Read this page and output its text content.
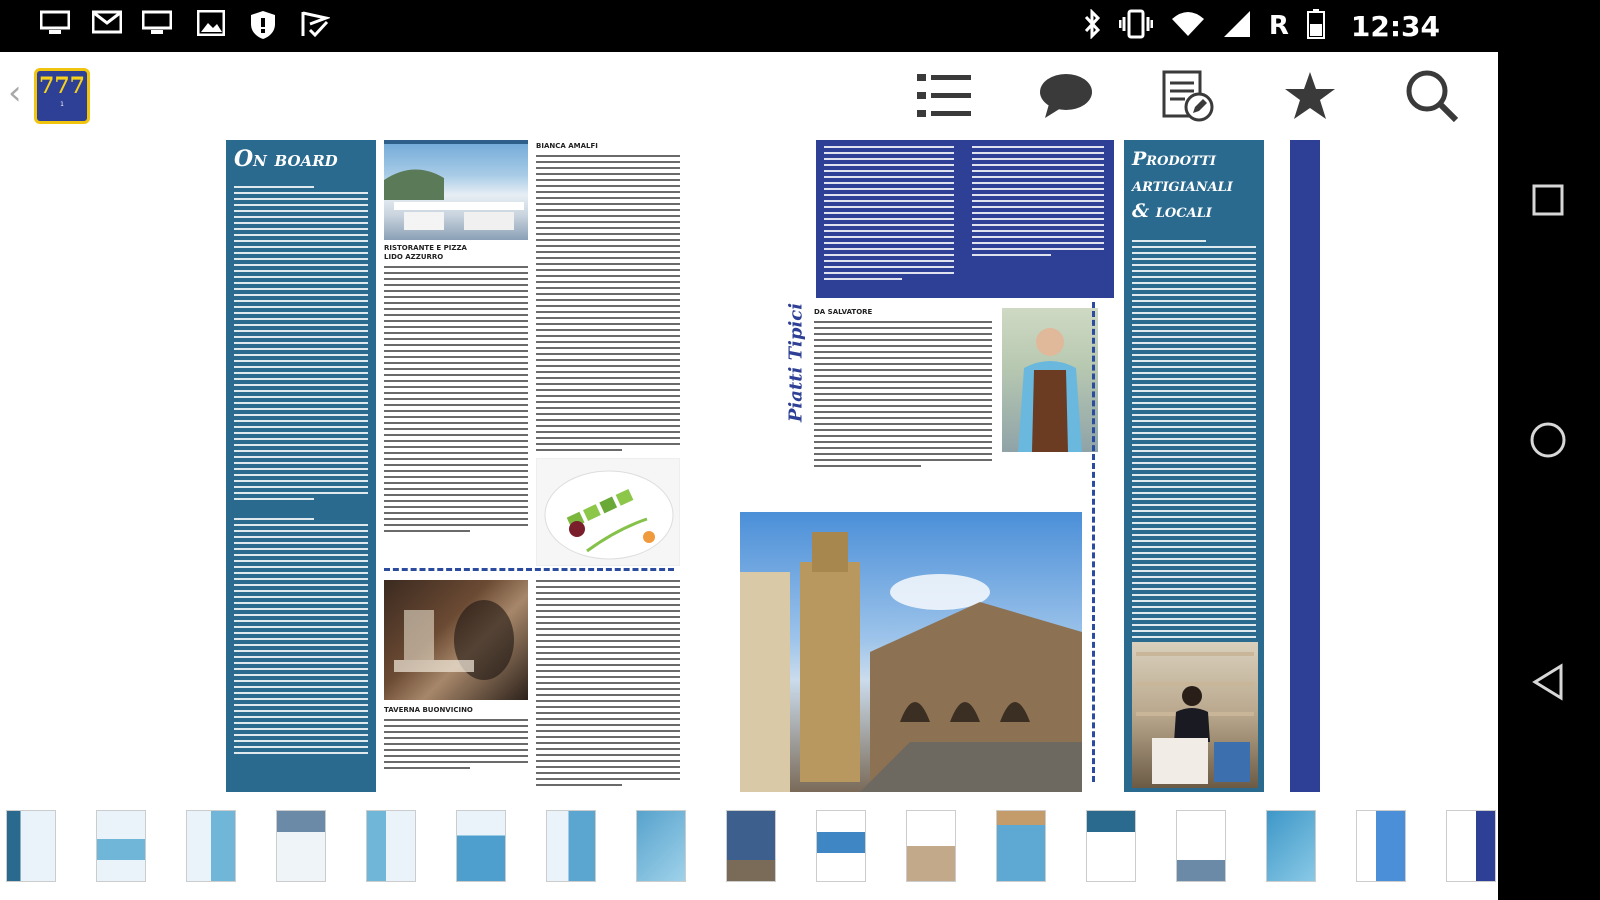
R 12:34
‹ 777
1
On board
RISTORANTE E PIZZA
LIDO AZZURRO
TAVERNA BUONVICINO
BIANCA AMALFI
Piatti Tipici DA SALVATORE
Prodotti
artigianali
& locali
